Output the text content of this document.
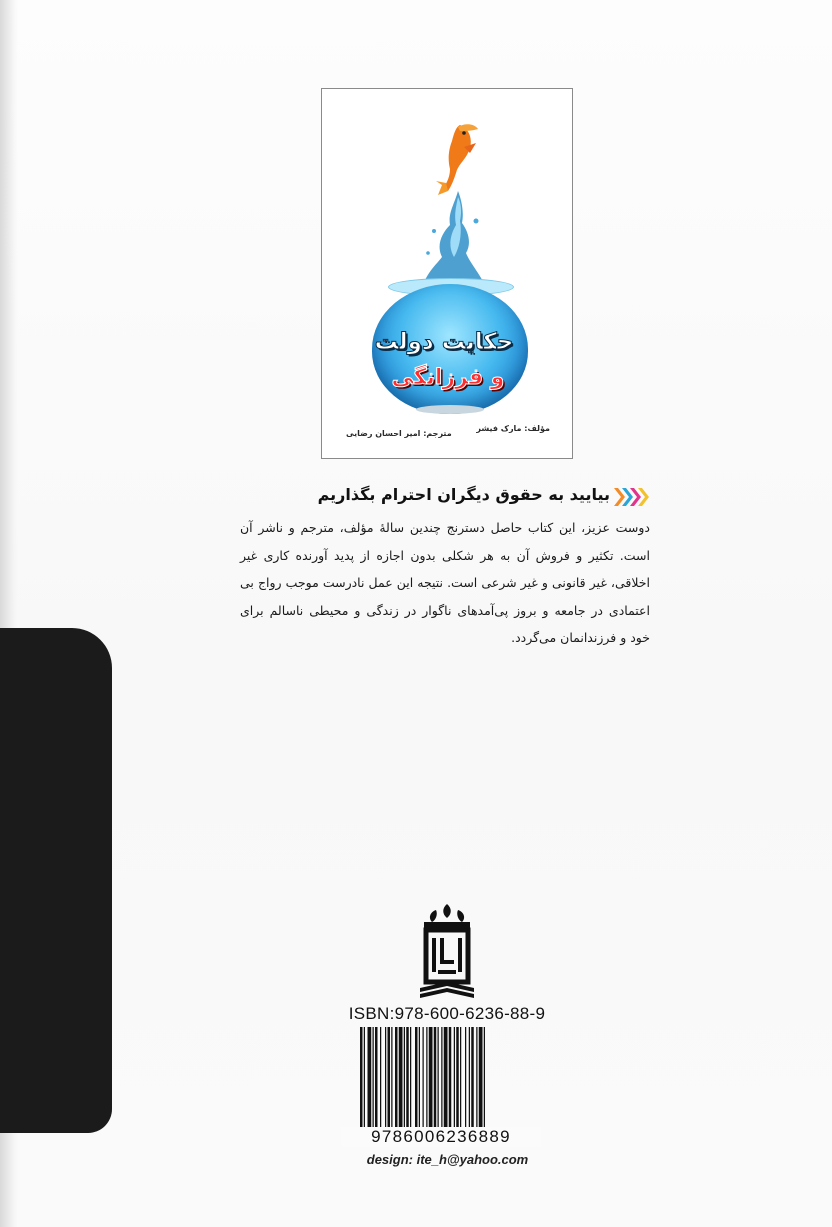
حکایت دولت
و فرزانگی
مؤلف: مارک فیشر
مترجم: امیر احسان رضایی
بیایید به حقوق دیگران احترام بگذاریم
دوست عزیز، این کتاب حاصل دسترنج چندین سالهٔ مؤلف، مترجم و ناشر آن است. تکثیر و فروش آن به هر شکلی بدون اجازه از پدید آورنده کاری غیر اخلاقی، غیر قانونی و غیر شرعی است. نتیجه این عمل نادرست موجب رواج بی اعتمادی در جامعه و بروز پی‌آمدهای ناگوار در زندگی و محیطی ناسالم برای خود و فرزندانمان می‌گردد.
ISBN:978-600-6236-88-9
9786006236889
design: ite_h@yahoo.com
